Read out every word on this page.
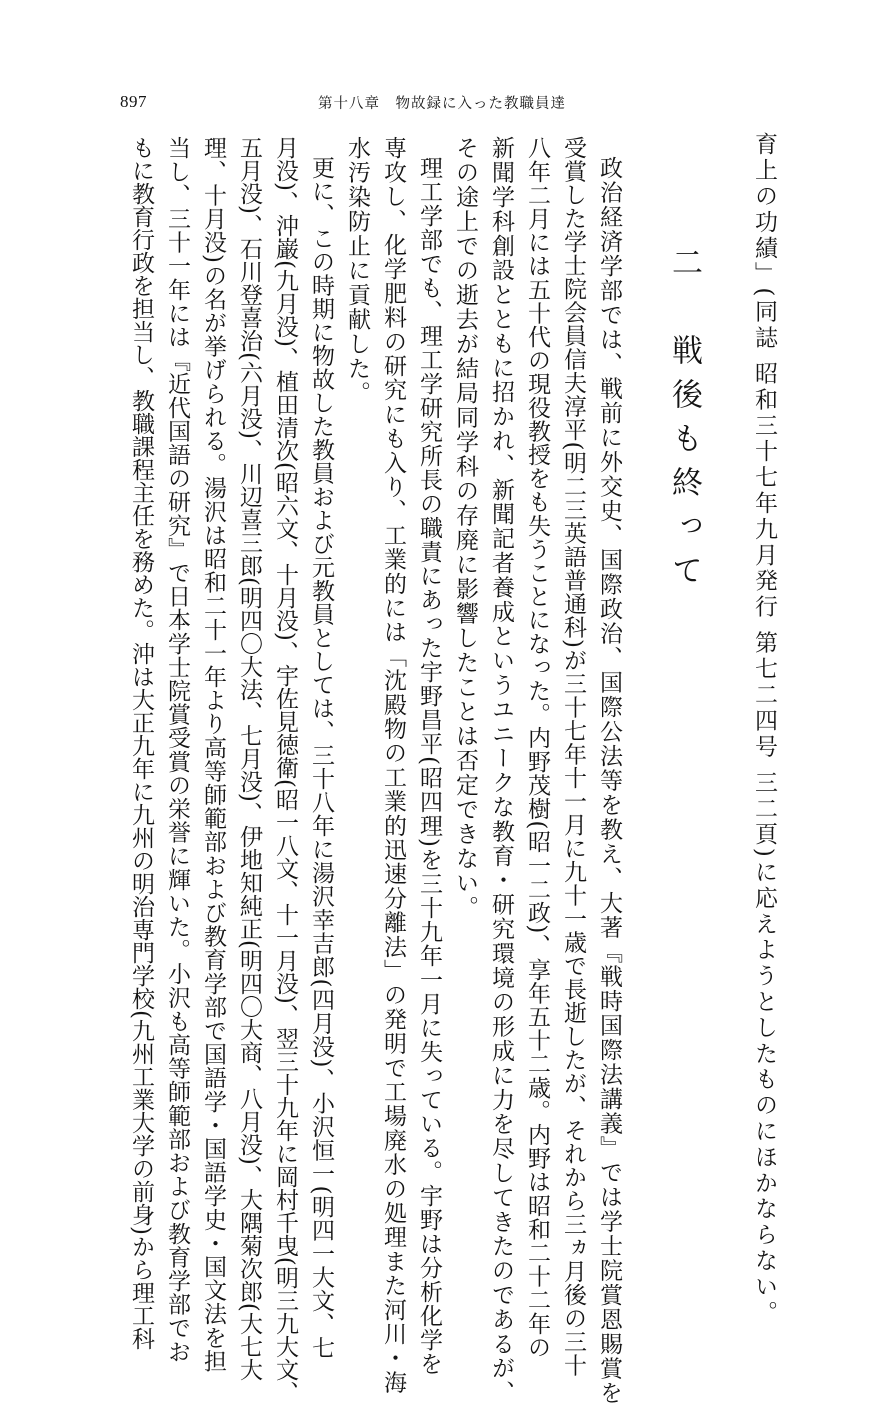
897	第十八章　物故録に入った教職員達
育上の功績」(同誌 昭和三十七年九月発行 第七二四号 三二頁)に応えようとしたものにほかならない。
二　戦後も終って
政治経済学部では、戦前に外交史、国際政治、国際公法等を教え、大著『戦時国際法講義』では学士院賞恩賜賞を
受賞した学士院会員信夫淳平(明二三英語普通科)が三十七年十一月に九十一歳で長逝したが、それから三ヵ月後の三十
八年二月には五十代の現役教授をも失うことになった。内野茂樹(昭一二政)、享年五十二歳。内野は昭和二十二年の
新聞学科創設とともに招かれ、新聞記者養成というユニークな教育・研究環境の形成に力を尽してきたのであるが、
その途上での逝去が結局同学科の存廃に影響したことは否定できない。
理工学部でも、理工学研究所長の職責にあった宇野昌平(昭四理)を三十九年一月に失っている。宇野は分析化学を
専攻し、化学肥料の研究にも入り、工業的には「沈殿物の工業的迅速分離法」の発明で工場廃水の処理また河川・海
水汚染防止に貢献した。
更に、この時期に物故した教員および元教員としては、三十八年に湯沢幸吉郎(四月没)、小沢恒一(明四一大文、七
月没)、沖巌(九月没)、植田清次(昭六文、十月没)、宇佐見徳衛(昭一八文、十一月没)、翌三十九年に岡村千曳(明三九大文、
五月没)、石川登喜治(六月没)、川辺喜三郎(明四〇大法、七月没)、伊地知純正(明四〇大商、八月没)、大隅菊次郎(大七大
理、十月没)の名が挙げられる。湯沢は昭和二十一年より高等師範部および教育学部で国語学・国語学史・国文法を担
当し、三十一年には『近代国語の研究』で日本学士院賞受賞の栄誉に輝いた。小沢も高等師範部および教育学部でお
もに教育行政を担当し、教職課程主任を務めた。沖は大正九年に九州の明治専門学校(九州工業大学の前身)から理工科
